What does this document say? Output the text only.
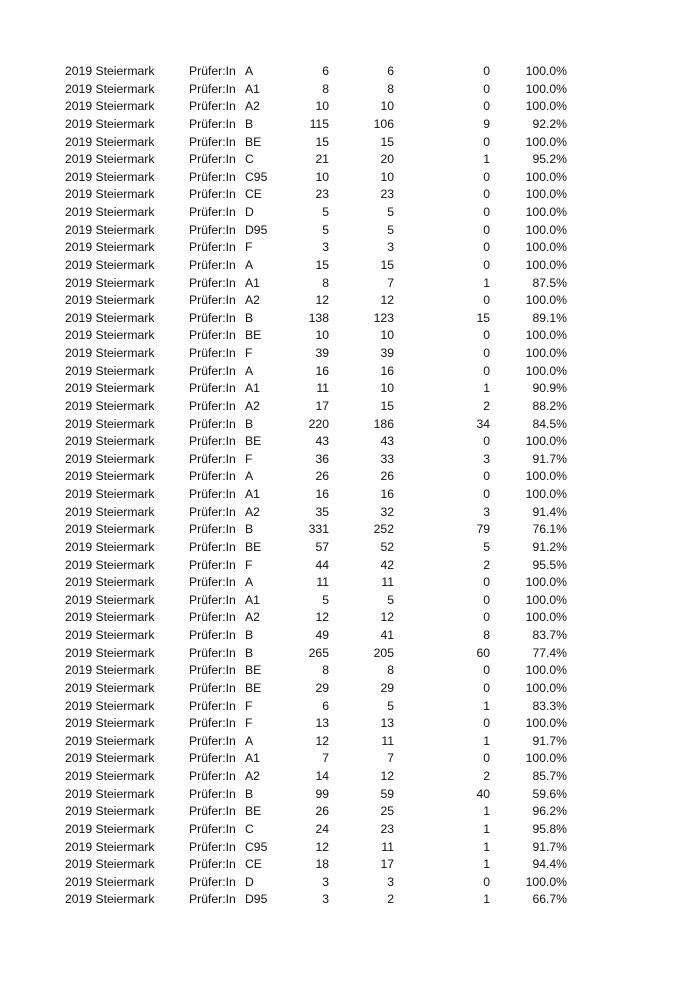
2019 Steiermark	Prüfer:In A	6	6	0	100.0%
2019 Steiermark	Prüfer:In A1	8	8	0	100.0%
2019 Steiermark	Prüfer:In A2	10	10	0	100.0%
2019 Steiermark	Prüfer:In B	115	106	9	92.2%
2019 Steiermark	Prüfer:In BE	15	15	0	100.0%
2019 Steiermark	Prüfer:In C	21	20	1	95.2%
2019 Steiermark	Prüfer:In C95	10	10	0	100.0%
2019 Steiermark	Prüfer:In CE	23	23	0	100.0%
2019 Steiermark	Prüfer:In D	5	5	0	100.0%
2019 Steiermark	Prüfer:In D95	5	5	0	100.0%
2019 Steiermark	Prüfer:In F	3	3	0	100.0%
2019 Steiermark	Prüfer:In A	15	15	0	100.0%
2019 Steiermark	Prüfer:In A1	8	7	1	87.5%
2019 Steiermark	Prüfer:In A2	12	12	0	100.0%
2019 Steiermark	Prüfer:In B	138	123	15	89.1%
2019 Steiermark	Prüfer:In BE	10	10	0	100.0%
2019 Steiermark	Prüfer:In F	39	39	0	100.0%
2019 Steiermark	Prüfer:In A	16	16	0	100.0%
2019 Steiermark	Prüfer:In A1	11	10	1	90.9%
2019 Steiermark	Prüfer:In A2	17	15	2	88.2%
2019 Steiermark	Prüfer:In B	220	186	34	84.5%
2019 Steiermark	Prüfer:In BE	43	43	0	100.0%
2019 Steiermark	Prüfer:In F	36	33	3	91.7%
2019 Steiermark	Prüfer:In A	26	26	0	100.0%
2019 Steiermark	Prüfer:In A1	16	16	0	100.0%
2019 Steiermark	Prüfer:In A2	35	32	3	91.4%
2019 Steiermark	Prüfer:In B	331	252	79	76.1%
2019 Steiermark	Prüfer:In BE	57	52	5	91.2%
2019 Steiermark	Prüfer:In F	44	42	2	95.5%
2019 Steiermark	Prüfer:In A	11	11	0	100.0%
2019 Steiermark	Prüfer:In A1	5	5	0	100.0%
2019 Steiermark	Prüfer:In A2	12	12	0	100.0%
2019 Steiermark	Prüfer:In B	49	41	8	83.7%
2019 Steiermark	Prüfer:In B	265	205	60	77.4%
2019 Steiermark	Prüfer:In BE	8	8	0	100.0%
2019 Steiermark	Prüfer:In BE	29	29	0	100.0%
2019 Steiermark	Prüfer:In F	6	5	1	83.3%
2019 Steiermark	Prüfer:In F	13	13	0	100.0%
2019 Steiermark	Prüfer:In A	12	11	1	91.7%
2019 Steiermark	Prüfer:In A1	7	7	0	100.0%
2019 Steiermark	Prüfer:In A2	14	12	2	85.7%
2019 Steiermark	Prüfer:In B	99	59	40	59.6%
2019 Steiermark	Prüfer:In BE	26	25	1	96.2%
2019 Steiermark	Prüfer:In C	24	23	1	95.8%
2019 Steiermark	Prüfer:In C95	12	11	1	91.7%
2019 Steiermark	Prüfer:In CE	18	17	1	94.4%
2019 Steiermark	Prüfer:In D	3	3	0	100.0%
2019 Steiermark	Prüfer:In D95	3	2	1	66.7%
